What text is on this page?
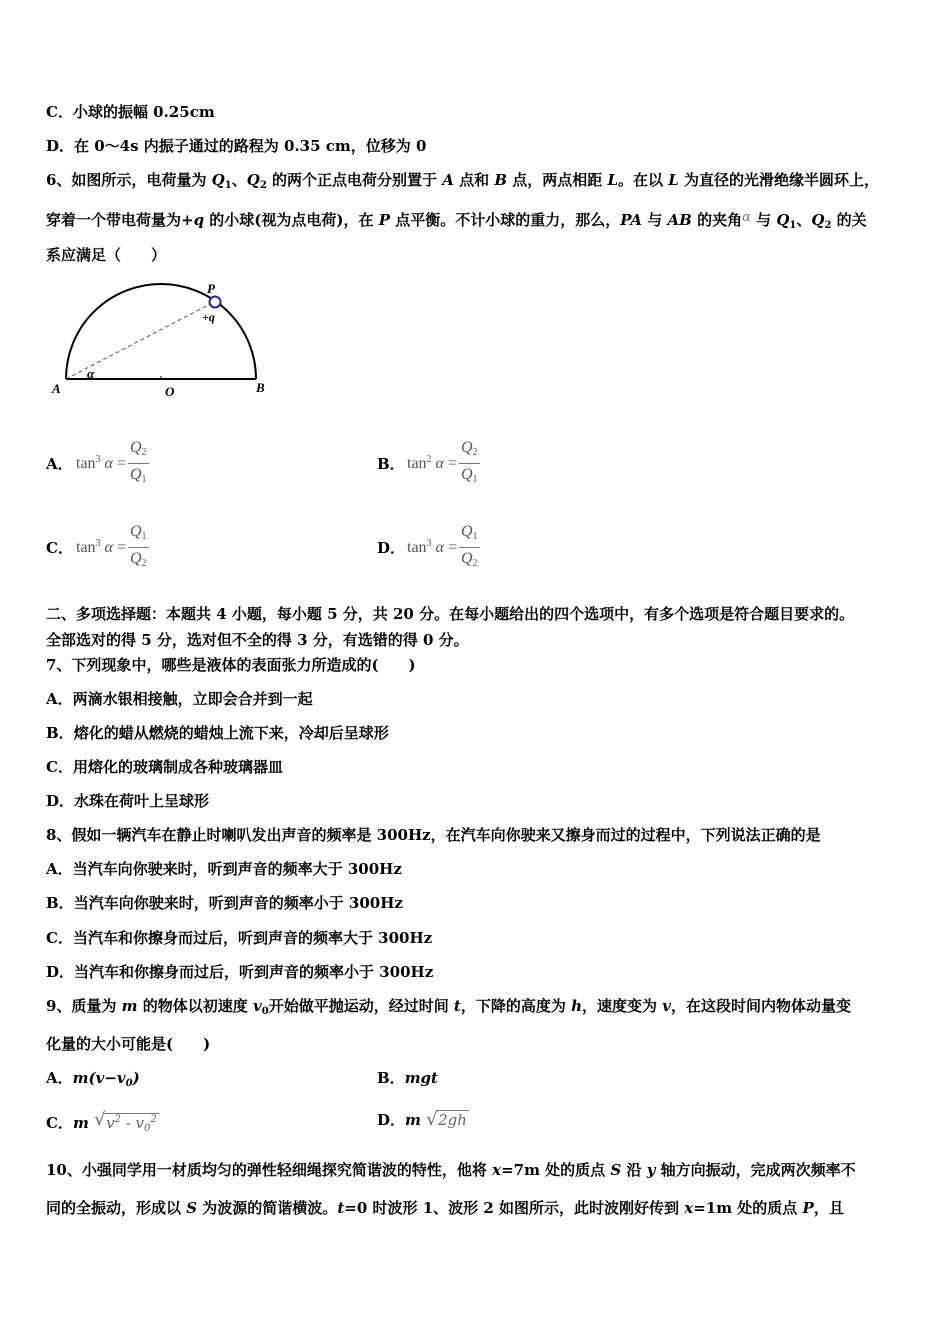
C．小球的振幅 0.25cm
D．在 0～4s 内振子通过的路程为 0.35 cm，位移为 0
6、如图所示，电荷量为 $Q_1$、$Q_2$ 的两个正点电荷分别置于 A 点和 B 点，两点相距 L。在以 L 为直径的光滑绝缘半圆环上，
穿着一个带电荷量为+q 的小球(视为点电荷)，在 P 点平衡。不计小球的重力，那么，PA 与 AB 的夹角α 与 $Q_1$、$Q_2$ 的关
系应满足（　　）
A	O	B
P
+q
α
A． $\tan^3 \alpha = \frac{Q_2}{Q_1}$	B． $\tan^2 \alpha = \frac{Q_2}{Q_1}$
C． $\tan^3 \alpha = \frac{Q_1}{Q_2}$	D． $\tan^3 \alpha = \frac{Q_1}{Q_2}$
二、多项选择题：本题共 4 小题，每小题 5 分，共 20 分。在每小题给出的四个选项中，有多个选项是符合题目要求的。
全部选对的得 5 分，选对但不全的得 3 分，有选错的得 0 分。
7、下列现象中，哪些是液体的表面张力所造成的(　　)
A．两滴水银相接触，立即会合并到一起
B．熔化的蜡从燃烧的蜡烛上流下来，冷却后呈球形
C．用熔化的玻璃制成各种玻璃器皿
D．水珠在荷叶上呈球形
8、假如一辆汽车在静止时喇叭发出声音的频率是 300Hz，在汽车向你驶来又擦身而过的过程中，下列说法正确的是
A．当汽车向你驶来时，听到声音的频率大于 300Hz
B．当汽车向你驶来时，听到声音的频率小于 300Hz
C．当汽车和你擦身而过后，听到声音的频率大于 300Hz
D．当汽车和你擦身而过后，听到声音的频率小于 300Hz
9、质量为 m 的物体以初速度 $v_0$开始做平抛运动，经过时间 t，下降的高度为 h，速度变为 v，在这段时间内物体动量变
化量的大小可能是(　　)
A．$m(v-v_0)$	B．mgt
C．m √ $v^2 - v_0^2$	D．m √ 2gh
10、小强同学用一材质均匀的弹性轻细绳探究简谐波的特性，他将 x=7m 处的质点 S 沿 y 轴方向振动，完成两次频率不
同的全振动，形成以 S 为波源的简谐横波。t=0 时波形 1、波形 2 如图所示，此时波刚好传到 x=1m 处的质点 P，且
